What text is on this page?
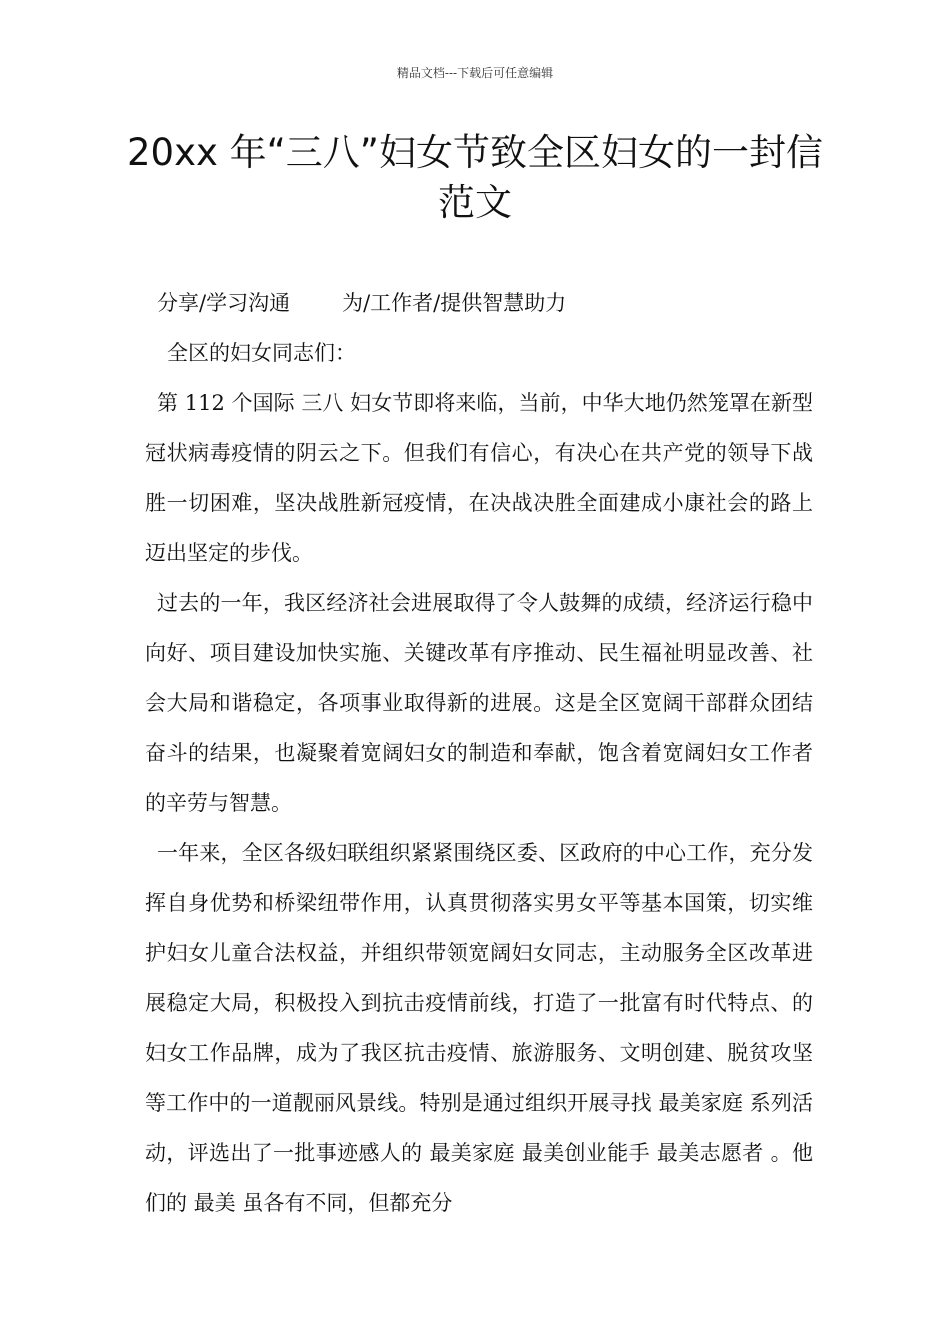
精品文档---下载后可任意编辑
20xx 年“三八”妇女节致全区妇女的一封信范文

分享/学习沟通 为/工作者/提供智慧助力

全区的妇女同志们：

第 112 个国际 三八 妇女节即将来临，当前，中华大地仍然笼罩在新型冠状病毒疫情的阴云之下。但我们有信心，有决心在共产党的领导下战胜一切困难，坚决战胜新冠疫情，在决战决胜全面建成小康社会的路上迈出坚定的步伐。

过去的一年，我区经济社会进展取得了令人鼓舞的成绩，经济运行稳中向好、项目建设加快实施、关键改革有序推动、民生福祉明显改善、社会大局和谐稳定，各项事业取得新的进展。这是全区宽阔干部群众团结奋斗的结果，也凝聚着宽阔妇女的制造和奉献，饱含着宽阔妇女工作者的辛劳与智慧。

一年来，全区各级妇联组织紧紧围绕区委、区政府的中心工作，充分发挥自身优势和桥梁纽带作用，认真贯彻落实男女平等基本国策，切实维护妇女儿童合法权益，并组织带领宽阔妇女同志，主动服务全区改革进展稳定大局，积极投入到抗击疫情前线，打造了一批富有时代特点、的妇女工作品牌，成为了我区抗击疫情、旅游服务、文明创建、脱贫攻坚等工作中的一道靓丽风景线。特别是通过组织开展寻找 最美家庭 系列活动，评选出了一批事迹感人的 最美家庭 最美创业能手 最美志愿者 。他们的 最美 虽各有不同，但都充分
